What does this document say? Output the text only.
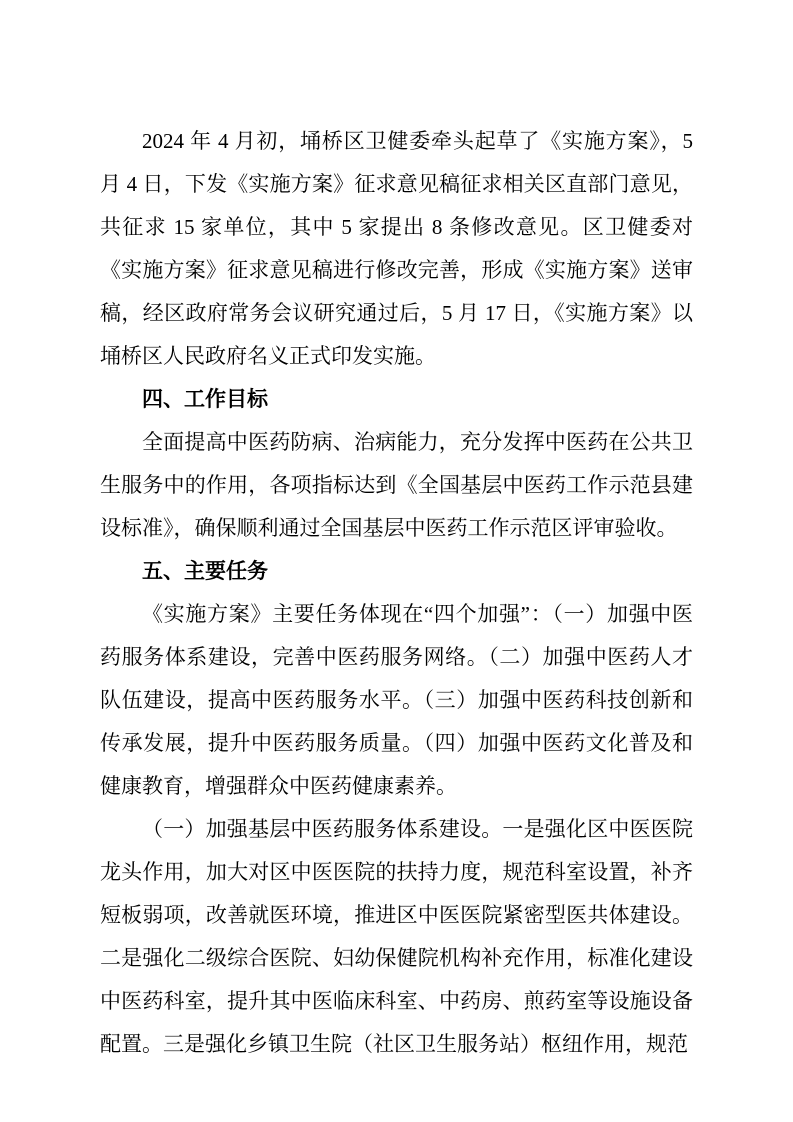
2024 年 4 月初，埇桥区卫健委牵头起草了《实施方案》，5 月 4 日，下发《实施方案》征求意见稿征求相关区直部门意见，共征求 15 家单位，其中 5 家提出 8 条修改意见。区卫健委对《实施方案》征求意见稿进行修改完善，形成《实施方案》送审稿，经区政府常务会议研究通过后，5 月 17 日，《实施方案》以埇桥区人民政府名义正式印发实施。

四、工作目标

全面提高中医药防病、治病能力，充分发挥中医药在公共卫生服务中的作用，各项指标达到《全国基层中医药工作示范县建设标准》，确保顺利通过全国基层中医药工作示范区评审验收。

五、主要任务

《实施方案》主要任务体现在“四个加强”：（一）加强中医药服务体系建设，完善中医药服务网络。（二）加强中医药人才队伍建设，提高中医药服务水平。（三）加强中医药科技创新和传承发展，提升中医药服务质量。（四）加强中医药文化普及和健康教育，增强群众中医药健康素养。

（一）加强基层中医药服务体系建设。一是强化区中医医院龙头作用，加大对区中医医院的扶持力度，规范科室设置，补齐短板弱项，改善就医环境，推进区中医医院紧密型医共体建设。二是强化二级综合医院、妇幼保健院机构补充作用，标准化建设中医药科室，提升其中医临床科室、中药房、煎药室等设施设备配置。三是强化乡镇卫生院（社区卫生服务站）枢纽作用，规范
